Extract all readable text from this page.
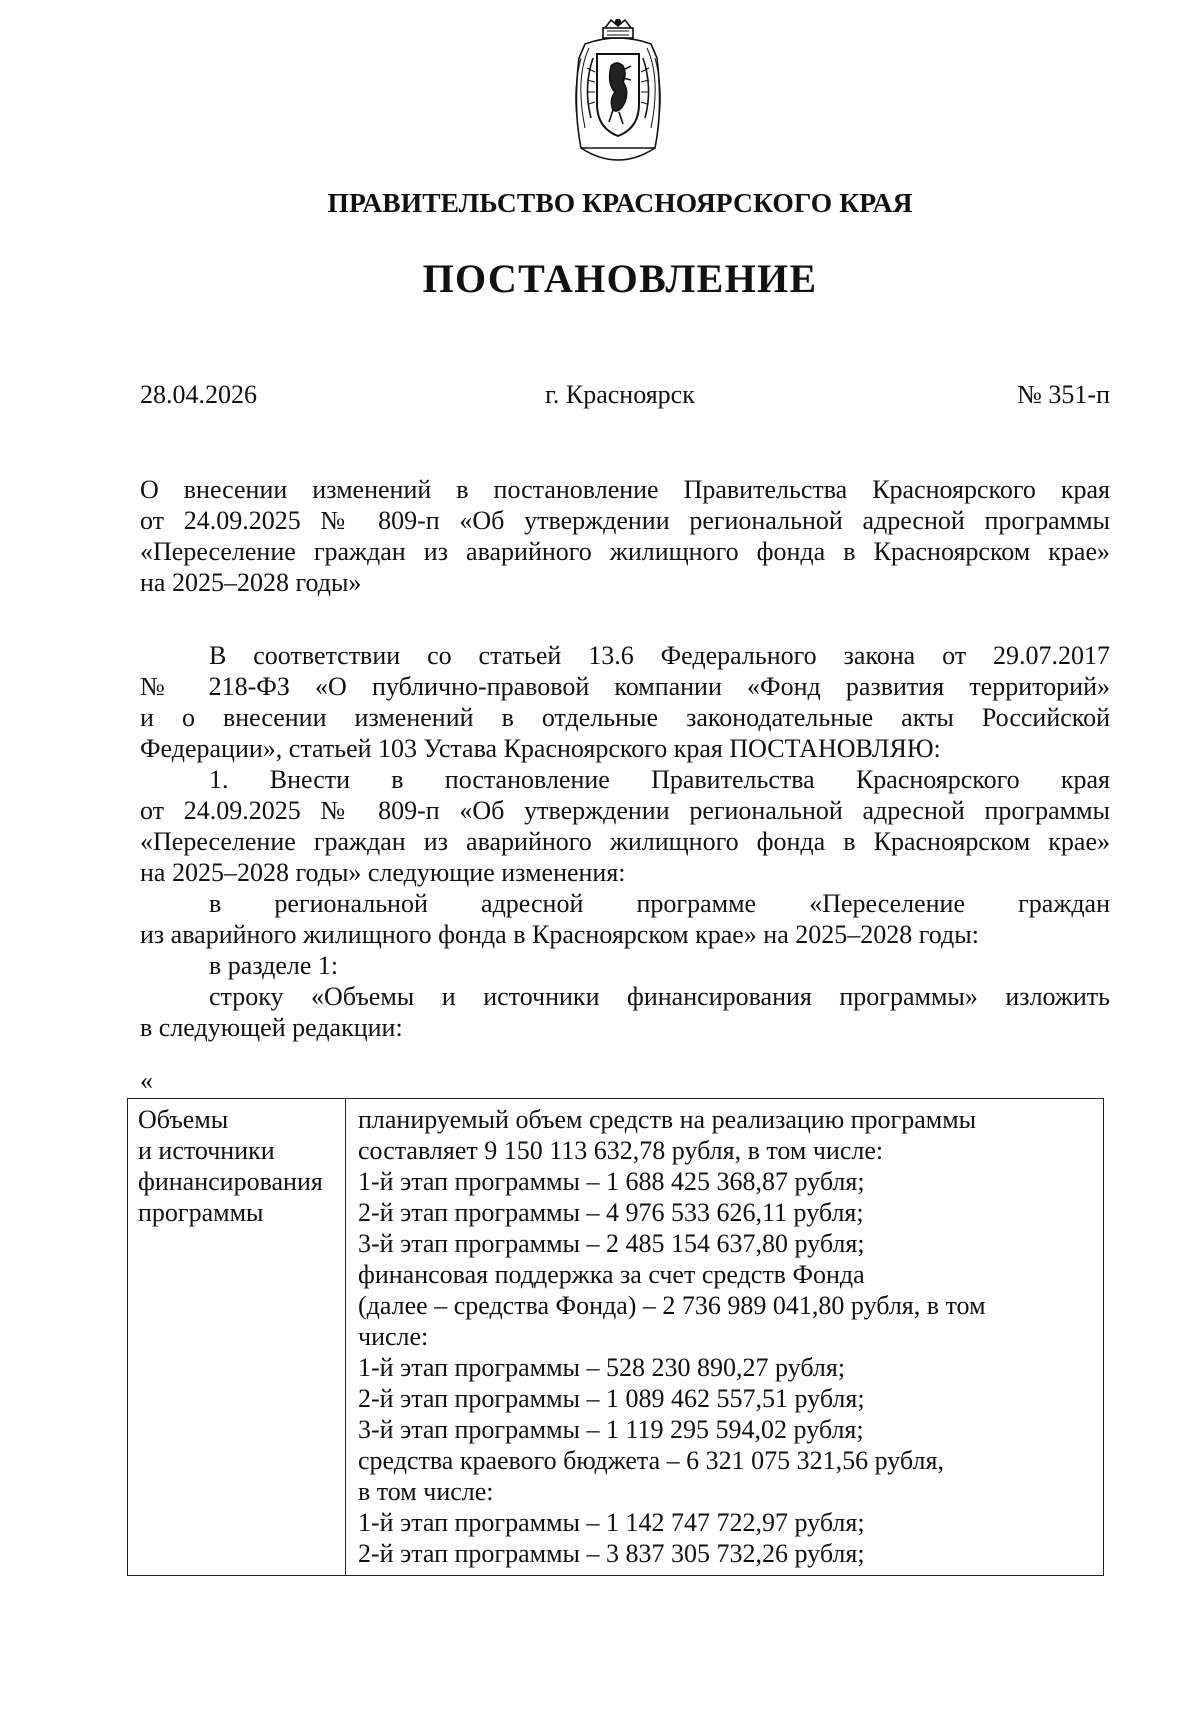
ПРАВИТЕЛЬСТВО КРАСНОЯРСКОГО КРАЯ
ПОСТАНОВЛЕНИЕ
28.04.2026	г. Красноярск	№ 351-п
О внесении изменений в постановление Правительства Красноярского края
от 24.09.2025 № 809-п «Об утверждении региональной адресной программы
«Переселение граждан из аварийного жилищного фонда в Красноярском крае»
на 2025–2028 годы»
В соответствии со статьей 13.6 Федерального закона от 29.07.2017
№ 218-ФЗ «О публично-правовой компании «Фонд развития территорий»
и о внесении изменений в отдельные законодательные акты Российской
Федерации», статьей 103 Устава Красноярского края ПОСТАНОВЛЯЮ:
1. Внести в постановление Правительства Красноярского края
от 24.09.2025 № 809-п «Об утверждении региональной адресной программы
«Переселение граждан из аварийного жилищного фонда в Красноярском крае»
на 2025–2028 годы» следующие изменения:
в региональной адресной программе «Переселение граждан
из аварийного жилищного фонда в Красноярском крае» на 2025–2028 годы:
в разделе 1:
строку «Объемы и источники финансирования программы» изложить
в следующей редакции:
«
Объемы
и источники
финансирования
программы

планируемый объем средств на реализацию программы
составляет 9 150 113 632,78 рубля, в том числе:
1-й этап программы – 1 688 425 368,87 рубля;
2-й этап программы – 4 976 533 626,11 рубля;
3-й этап программы – 2 485 154 637,80 рубля;
финансовая поддержка за счет средств Фонда
(далее – средства Фонда) – 2 736 989 041,80 рубля, в том
числе:
1-й этап программы – 528 230 890,27 рубля;
2-й этап программы – 1 089 462 557,51 рубля;
3-й этап программы – 1 119 295 594,02 рубля;
средства краевого бюджета – 6 321 075 321,56 рубля,
в том числе:
1-й этап программы – 1 142 747 722,97 рубля;
2-й этап программы – 3 837 305 732,26 рубля;
